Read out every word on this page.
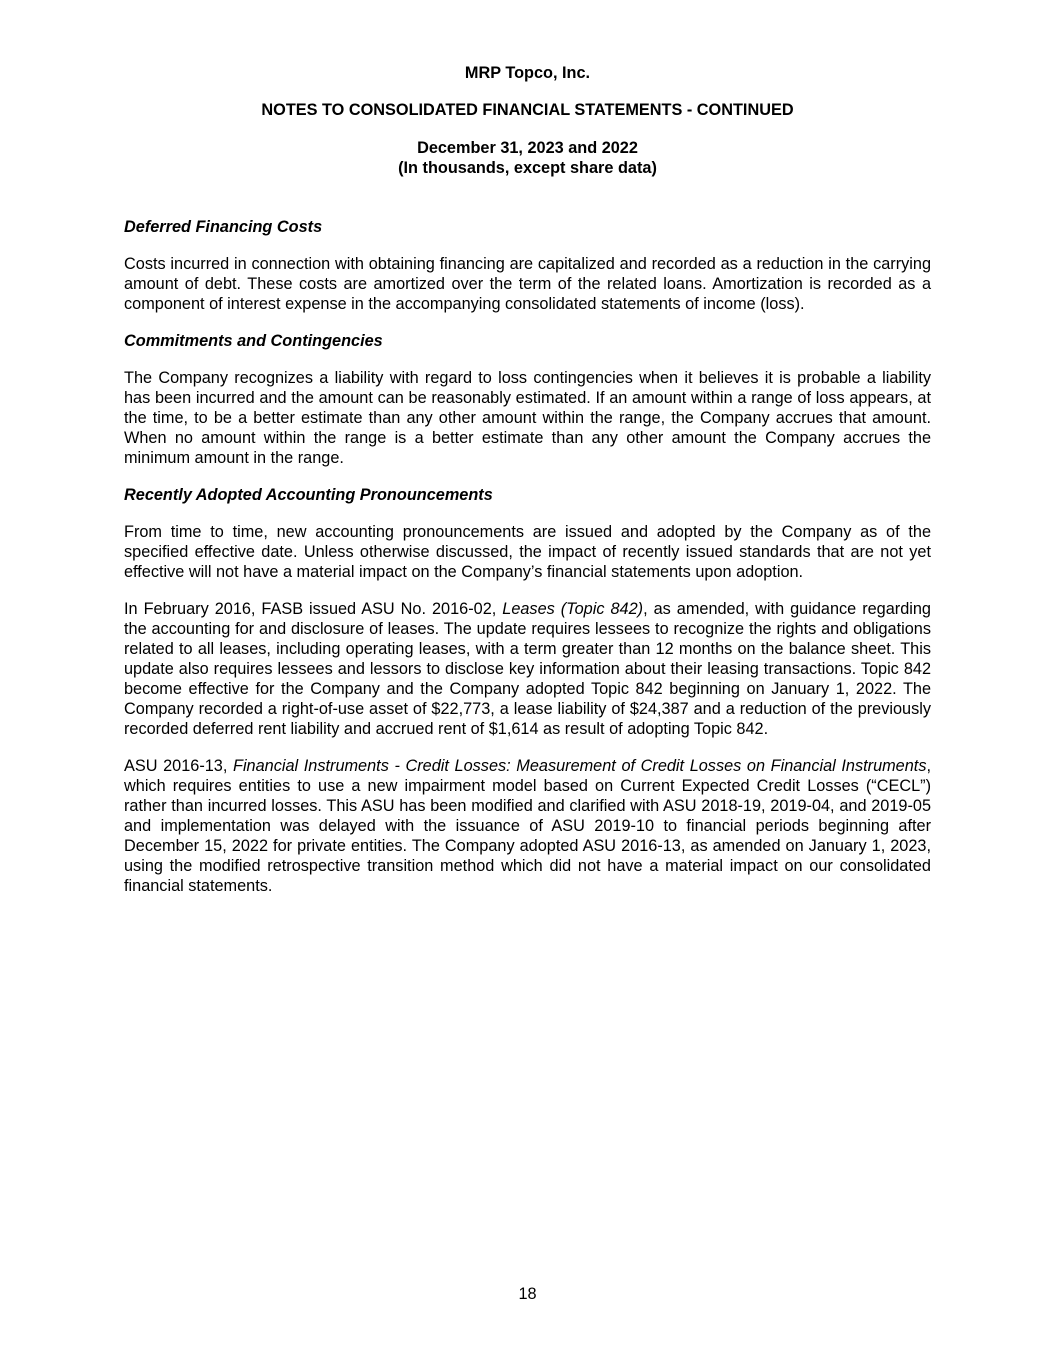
MRP Topco, Inc.
NOTES TO CONSOLIDATED FINANCIAL STATEMENTS - CONTINUED
December 31, 2023 and 2022
(In thousands, except share data)
Deferred Financing Costs

Costs incurred in connection with obtaining financing are capitalized and recorded as a reduction in the carrying amount of debt. These costs are amortized over the term of the related loans. Amortization is recorded as a component of interest expense in the accompanying consolidated statements of income (loss).

Commitments and Contingencies

The Company recognizes a liability with regard to loss contingencies when it believes it is probable a liability has been incurred and the amount can be reasonably estimated. If an amount within a range of loss appears, at the time, to be a better estimate than any other amount within the range, the Company accrues that amount. When no amount within the range is a better estimate than any other amount the Company accrues the minimum amount in the range.

Recently Adopted Accounting Pronouncements

From time to time, new accounting pronouncements are issued and adopted by the Company as of the specified effective date. Unless otherwise discussed, the impact of recently issued standards that are not yet effective will not have a material impact on the Company’s financial statements upon adoption.

In February 2016, FASB issued ASU No. 2016-02, Leases (Topic 842), as amended, with guidance regarding the accounting for and disclosure of leases. The update requires lessees to recognize the rights and obligations related to all leases, including operating leases, with a term greater than 12 months on the balance sheet. This update also requires lessees and lessors to disclose key information about their leasing transactions. Topic 842 become effective for the Company and the Company adopted Topic 842 beginning on January 1, 2022. The Company recorded a right-of-use asset of $22,773, a lease liability of $24,387 and a reduction of the previously recorded deferred rent liability and accrued rent of $1,614 as result of adopting Topic 842.

ASU 2016-13, Financial Instruments - Credit Losses: Measurement of Credit Losses on Financial Instruments, which requires entities to use a new impairment model based on Current Expected Credit Losses (“CECL”) rather than incurred losses. This ASU has been modified and clarified with ASU 2018-19, 2019-04, and 2019-05 and implementation was delayed with the issuance of ASU 2019-10 to financial periods beginning after December 15, 2022 for private entities. The Company adopted ASU 2016-13, as amended on January 1, 2023, using the modified retrospective transition method which did not have a material impact on our consolidated financial statements.

18
